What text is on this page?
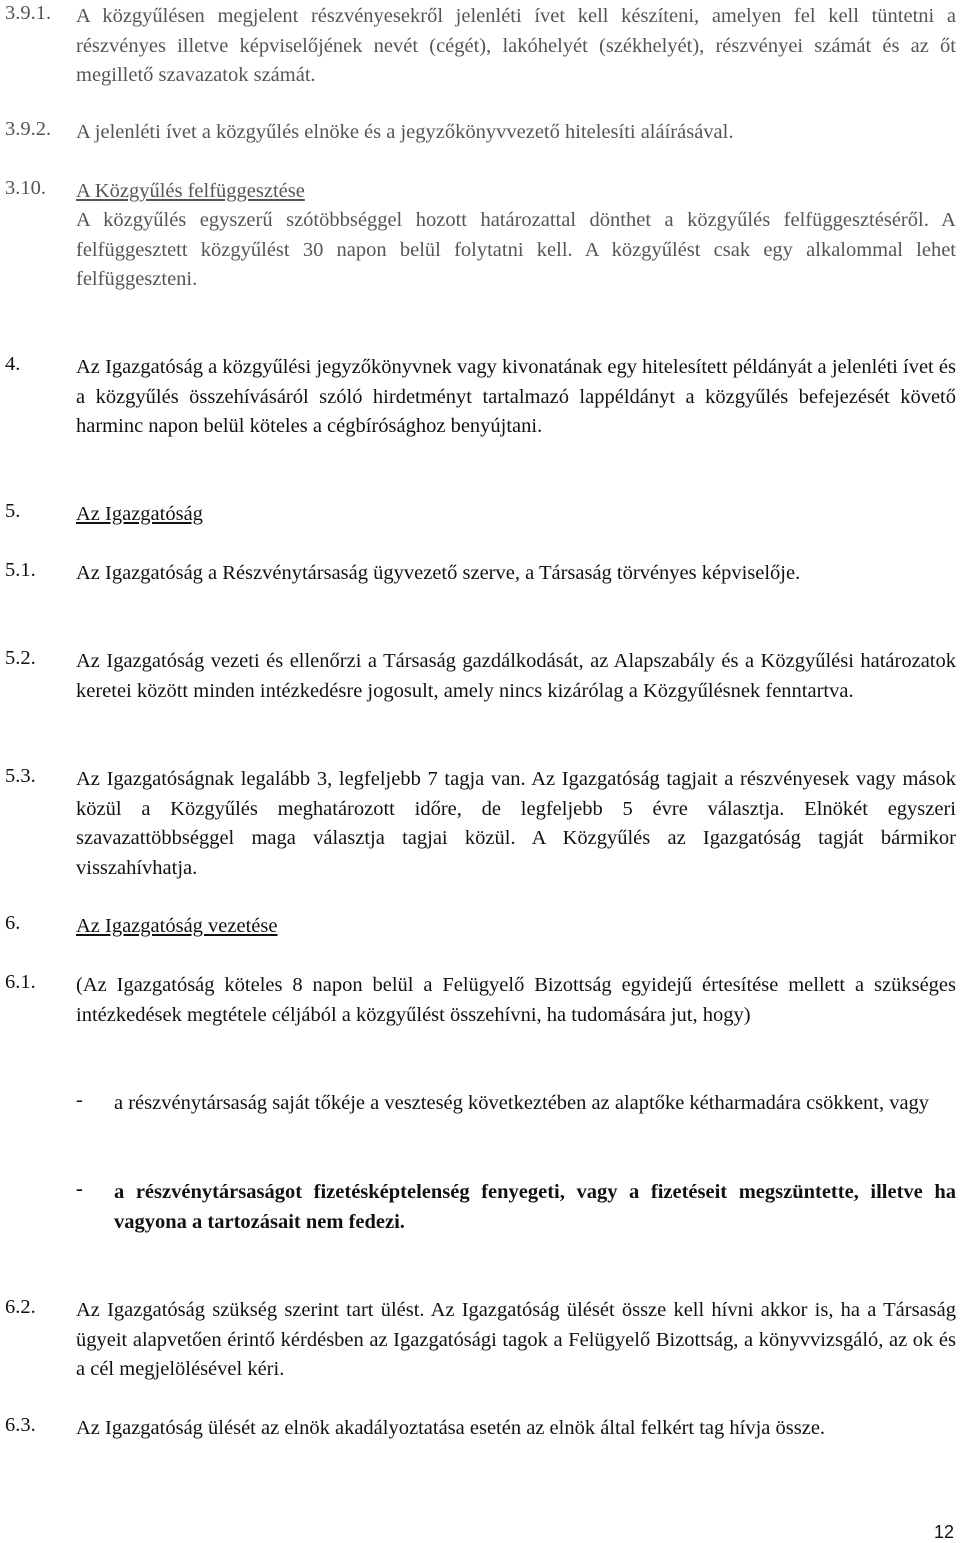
3.9.1. A közgyűlésen megjelent részvényesekről jelenléti ívet kell készíteni, amelyen fel kell tüntetni a részvényes illetve képviselőjének nevét (cégét), lakóhelyét (székhelyét), részvényei számát és az őt megillető szavazatok számát.
3.9.2. A jelenléti ívet a közgyűlés elnöke és a jegyzőkönyvvezető hitelesíti aláírásával.
3.10. A Közgyűlés felfüggesztése
A közgyűlés egyszerű szótöbbséggel hozott határozattal dönthet a közgyűlés felfüggesztéséről. A felfüggesztett közgyűlést 30 napon belül folytatni kell. A közgyűlést csak egy alkalommal lehet felfüggeszteni.
4.	Az Igazgatóság a közgyűlési jegyzőkönyvnek vagy kivonatának egy hitelesített példányát a jelenléti ívet és a közgyűlés összehívásáról szóló hirdetményt tartalmazó lappéldányt a közgyűlés befejezését követő harminc napon belül köteles a cégbírósághoz benyújtani.
5.	Az Igazgatóság
5.1. Az Igazgatóság a Részvénytársaság ügyvezető szerve, a Társaság törvényes képviselője.
5.2. Az Igazgatóság vezeti és ellenőrzi a Társaság gazdálkodását, az Alapszabály és a Közgyűlési határozatok keretei között minden intézkedésre jogosult, amely nincs kizárólag a Közgyűlésnek fenntartva.
5.3. Az Igazgatóságnak legalább 3, legfeljebb 7 tagja van. Az Igazgatóság tagjait a részvényesek vagy mások közül a Közgyűlés meghatározott időre, de legfeljebb 5 évre választja. Elnökét egyszeri szavazattöbbséggel maga választja tagjai közül. A Közgyűlés az Igazgatóság tagját bármikor visszahívhatja.
6.	Az Igazgatóság vezetése
6.1. (Az Igazgatóság köteles 8 napon belül a Felügyelő Bizottság egyidejű értesítése mellett a szükséges intézkedések megtétele céljából a közgyűlést összehívni, ha tudomására jut, hogy)
- a részvénytársaság saját tőkéje a veszteség következtében az alaptőke kétharmadára csökkent, vagy
- a részvénytársaságot fizetésképtelenség fenyegeti, vagy a fizetéseit megszüntette, illetve ha vagyona a tartozásait nem fedezi.
6.2. Az Igazgatóság szükség szerint tart ülést. Az Igazgatóság ülését össze kell hívni akkor is, ha a Társaság ügyeit alapvetően érintő kérdésben az Igazgatósági tagok a Felügyelő Bizottság, a könyvvizsgáló, az ok és a cél megjelölésével kéri.
6.3. Az Igazgatóság ülését az elnök akadályoztatása esetén az elnök által felkért tag hívja össze.
12
